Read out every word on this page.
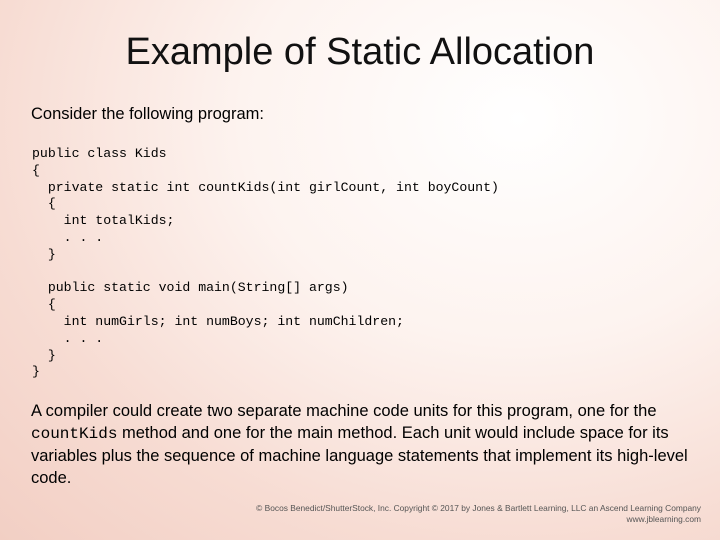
Example of Static Allocation
Consider the following program:
public class Kids
{
private static int countKids(int girlCount, int boyCount)
{
int totalKids;
. . .
}
public static void main(String[] args)
{
int numGirls; int numBoys; int numChildren;
. . .
}
}

A compiler could create two separate machine code units for this program, one for the countKids method and one for the main method. Each unit would include space for its variables plus the sequence of machine language statements that implement its high-level code.

© Bocos Benedict/ShutterStock, Inc. Copyright © 2017 by Jones & Bartlett Learning, LLC an Ascend Learning Company
www.jblearning.com
